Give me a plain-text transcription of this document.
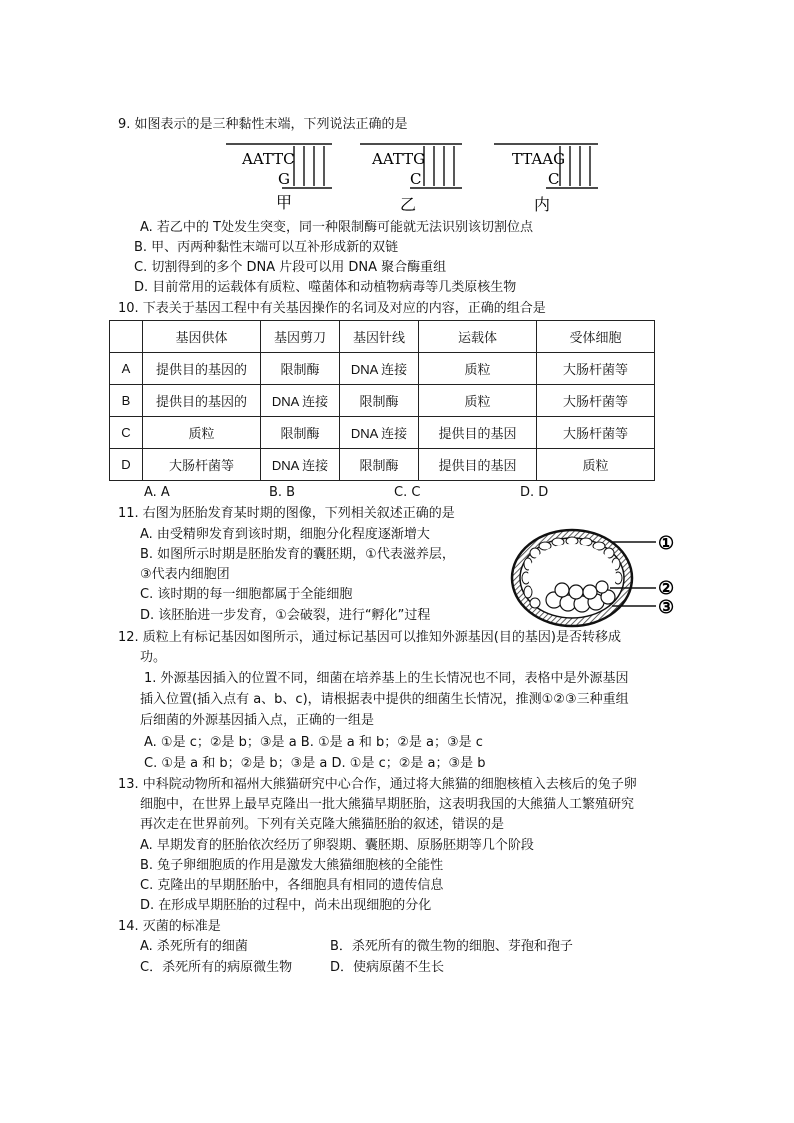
9. 如图表示的是三种黏性末端，下列说法正确的是
AATTC
G
甲
AATTG
C
乙
TTAAG
C
内
A. 若乙中的 T处发生突变，同一种限制酶可能就无法识别该切割位点
B. 甲、丙两种黏性末端可以互补形成新的双链
C. 切割得到的多个 DNA 片段可以用 DNA 聚合酶重组
D. 目前常用的运载体有质粒、噬菌体和动植物病毒等几类原核生物
10. 下表关于基因工程中有关基因操作的名词及对应的内容，正确的组合是
	基因供体	基因剪刀	基因针线	运载体	受体细胞
A	提供目的基因的	限制酶	DNA 连接	质粒	大肠杆菌等
B	提供目的基因的	DNA 连接	限制酶	质粒	大肠杆菌等
C	质粒	限制酶	DNA 连接	提供目的基因	大肠杆菌等
D	大肠杆菌等	DNA 连接	限制酶	提供目的基因	质粒
A. A	B. B	C. C	D. D
11. 右图为胚胎发育某时期的图像，下列相关叙述正确的是
A. 由受精卵发育到该时期，细胞分化程度逐渐增大
B. 如图所示时期是胚胎发育的囊胚期，①代表滋养层，
③代表内细胞团
C. 该时期的每一细胞都属于全能细胞
D. 该胚胎进一步发育，①会破裂，进行“孵化”过程
①
②
③
12. 质粒上有标记基因如图所示，通过标记基因可以推知外源基因(目的基因)是否转移成
功。
1. 外源基因插入的位置不同，细菌在培养基上的生长情况也不同，表格中是外源基因
插入位置(插入点有 a、b、c)，请根据表中提供的细菌生长情况，推测①②③三种重组
后细菌的外源基因插入点，正确的一组是
A. ①是 c；②是 b；③是 a B. ①是 a 和 b；②是 a；③是 c
C. ①是 a 和 b；②是 b；③是 a D. ①是 c；②是 a；③是 b
13. 中科院动物所和福州大熊猫研究中心合作，通过将大熊猫的细胞核植入去核后的兔子卵
细胞中，在世界上最早克隆出一批大熊猫早期胚胎，这表明我国的大熊猫人工繁殖研究
再次走在世界前列。下列有关克隆大熊猫胚胎的叙述，错误的是
A. 早期发育的胚胎依次经历了卵裂期、囊胚期、原肠胚期等几个阶段
B. 兔子卵细胞质的作用是激发大熊猫细胞核的全能性
C. 克隆出的早期胚胎中，各细胞具有相同的遗传信息
D. 在形成早期胚胎的过程中，尚未出现细胞的分化
14. 灭菌的标准是
A. 杀死所有的细菌	B．杀死所有的微生物的细胞、芽孢和孢子
C．杀死所有的病原微生物	D．使病原菌不生长
